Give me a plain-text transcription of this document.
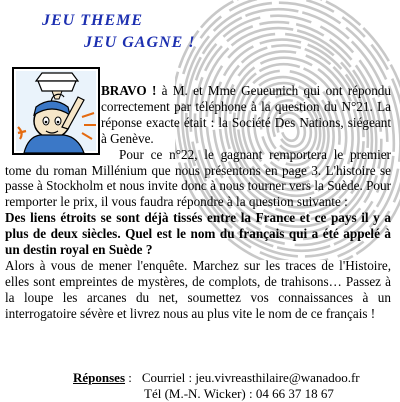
JEU THEME
JEU GAGNE !

BRAVO ! à M. et Mme Geueunich qui ont répondu correctement par téléphone à la question du N°21. La réponse exacte était : la Société Des Nations, siégeant à Genève.

Pour ce n°22, le gagnant remportera le premier tome du roman Millénium que nous présentons en page 3. L'histoire se passe à Stockholm et nous invite donc à nous tourner vers la Suède. Pour remporter le prix, il vous faudra répondre à la question suivante :

Des liens étroits se sont déjà tissés entre la France et ce pays il y a plus de deux siècles. Quel est le nom du français qui a été appelé à un destin royal en Suède ?

Alors à vous de mener l'enquête. Marchez sur les traces de l'Histoire, elles sont empreintes de mystères, de complots, de trahisons… Passez à la loupe les arcanes du net, soumettez vos connaissances à un interrogatoire sévère et livrez nous au plus vite le nom de ce français !

Réponses : Courriel : jeu.vivreasthilaire@wanadoo.fr
Tél (M.-N. Wicker) : 04 66 37 18 67
